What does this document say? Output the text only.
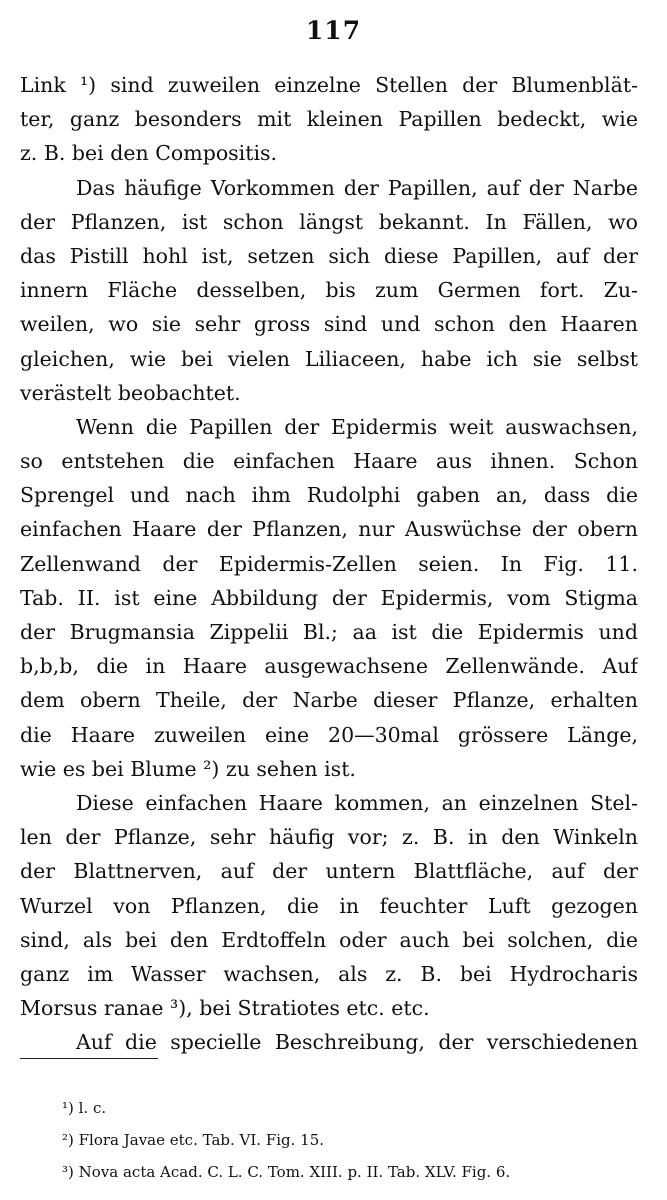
117
Link ¹) sind zuweilen einzelne Stellen der Blumenblät-
ter, ganz besonders mit kleinen Papillen bedeckt, wie
z. B. bei den Compositis.
Das häufige Vorkommen der Papillen, auf der Narbe
der Pflanzen, ist schon längst bekannt. In Fällen, wo
das Pistill hohl ist, setzen sich diese Papillen, auf der
innern Fläche desselben, bis zum Germen fort. Zu-
weilen, wo sie sehr gross sind und schon den Haaren
gleichen, wie bei vielen Liliaceen, habe ich sie selbst
verästelt beobachtet.
Wenn die Papillen der Epidermis weit auswachsen,
so entstehen die einfachen Haare aus ihnen. Schon
Sprengel und nach ihm Rudolphi gaben an, dass die
einfachen Haare der Pflanzen, nur Auswüchse der obern
Zellenwand der Epidermis-Zellen seien. In Fig. 11.
Tab. II. ist eine Abbildung der Epidermis, vom Stigma
der Brugmansia Zippelii Bl.; aa ist die Epidermis und
b,b,b, die in Haare ausgewachsene Zellenwände. Auf
dem obern Theile, der Narbe dieser Pflanze, erhalten
die Haare zuweilen eine 20—30mal grössere Länge,
wie es bei Blume ²) zu sehen ist.
Diese einfachen Haare kommen, an einzelnen Stel-
len der Pflanze, sehr häufig vor; z. B. in den Winkeln
der Blattnerven, auf der untern Blattfläche, auf der
Wurzel von Pflanzen, die in feuchter Luft gezogen
sind, als bei den Erdtoffeln oder auch bei solchen, die
ganz im Wasser wachsen, als z. B. bei Hydrocharis
Morsus ranae ³), bei Stratiotes etc. etc.
Auf die specielle Beschreibung, der verschiedenen
¹) l. c.
²) Flora Javae etc. Tab. VI. Fig. 15.
³) Nova acta Acad. C. L. C. Tom. XIII. p. II. Tab. XLV. Fig. 6.
